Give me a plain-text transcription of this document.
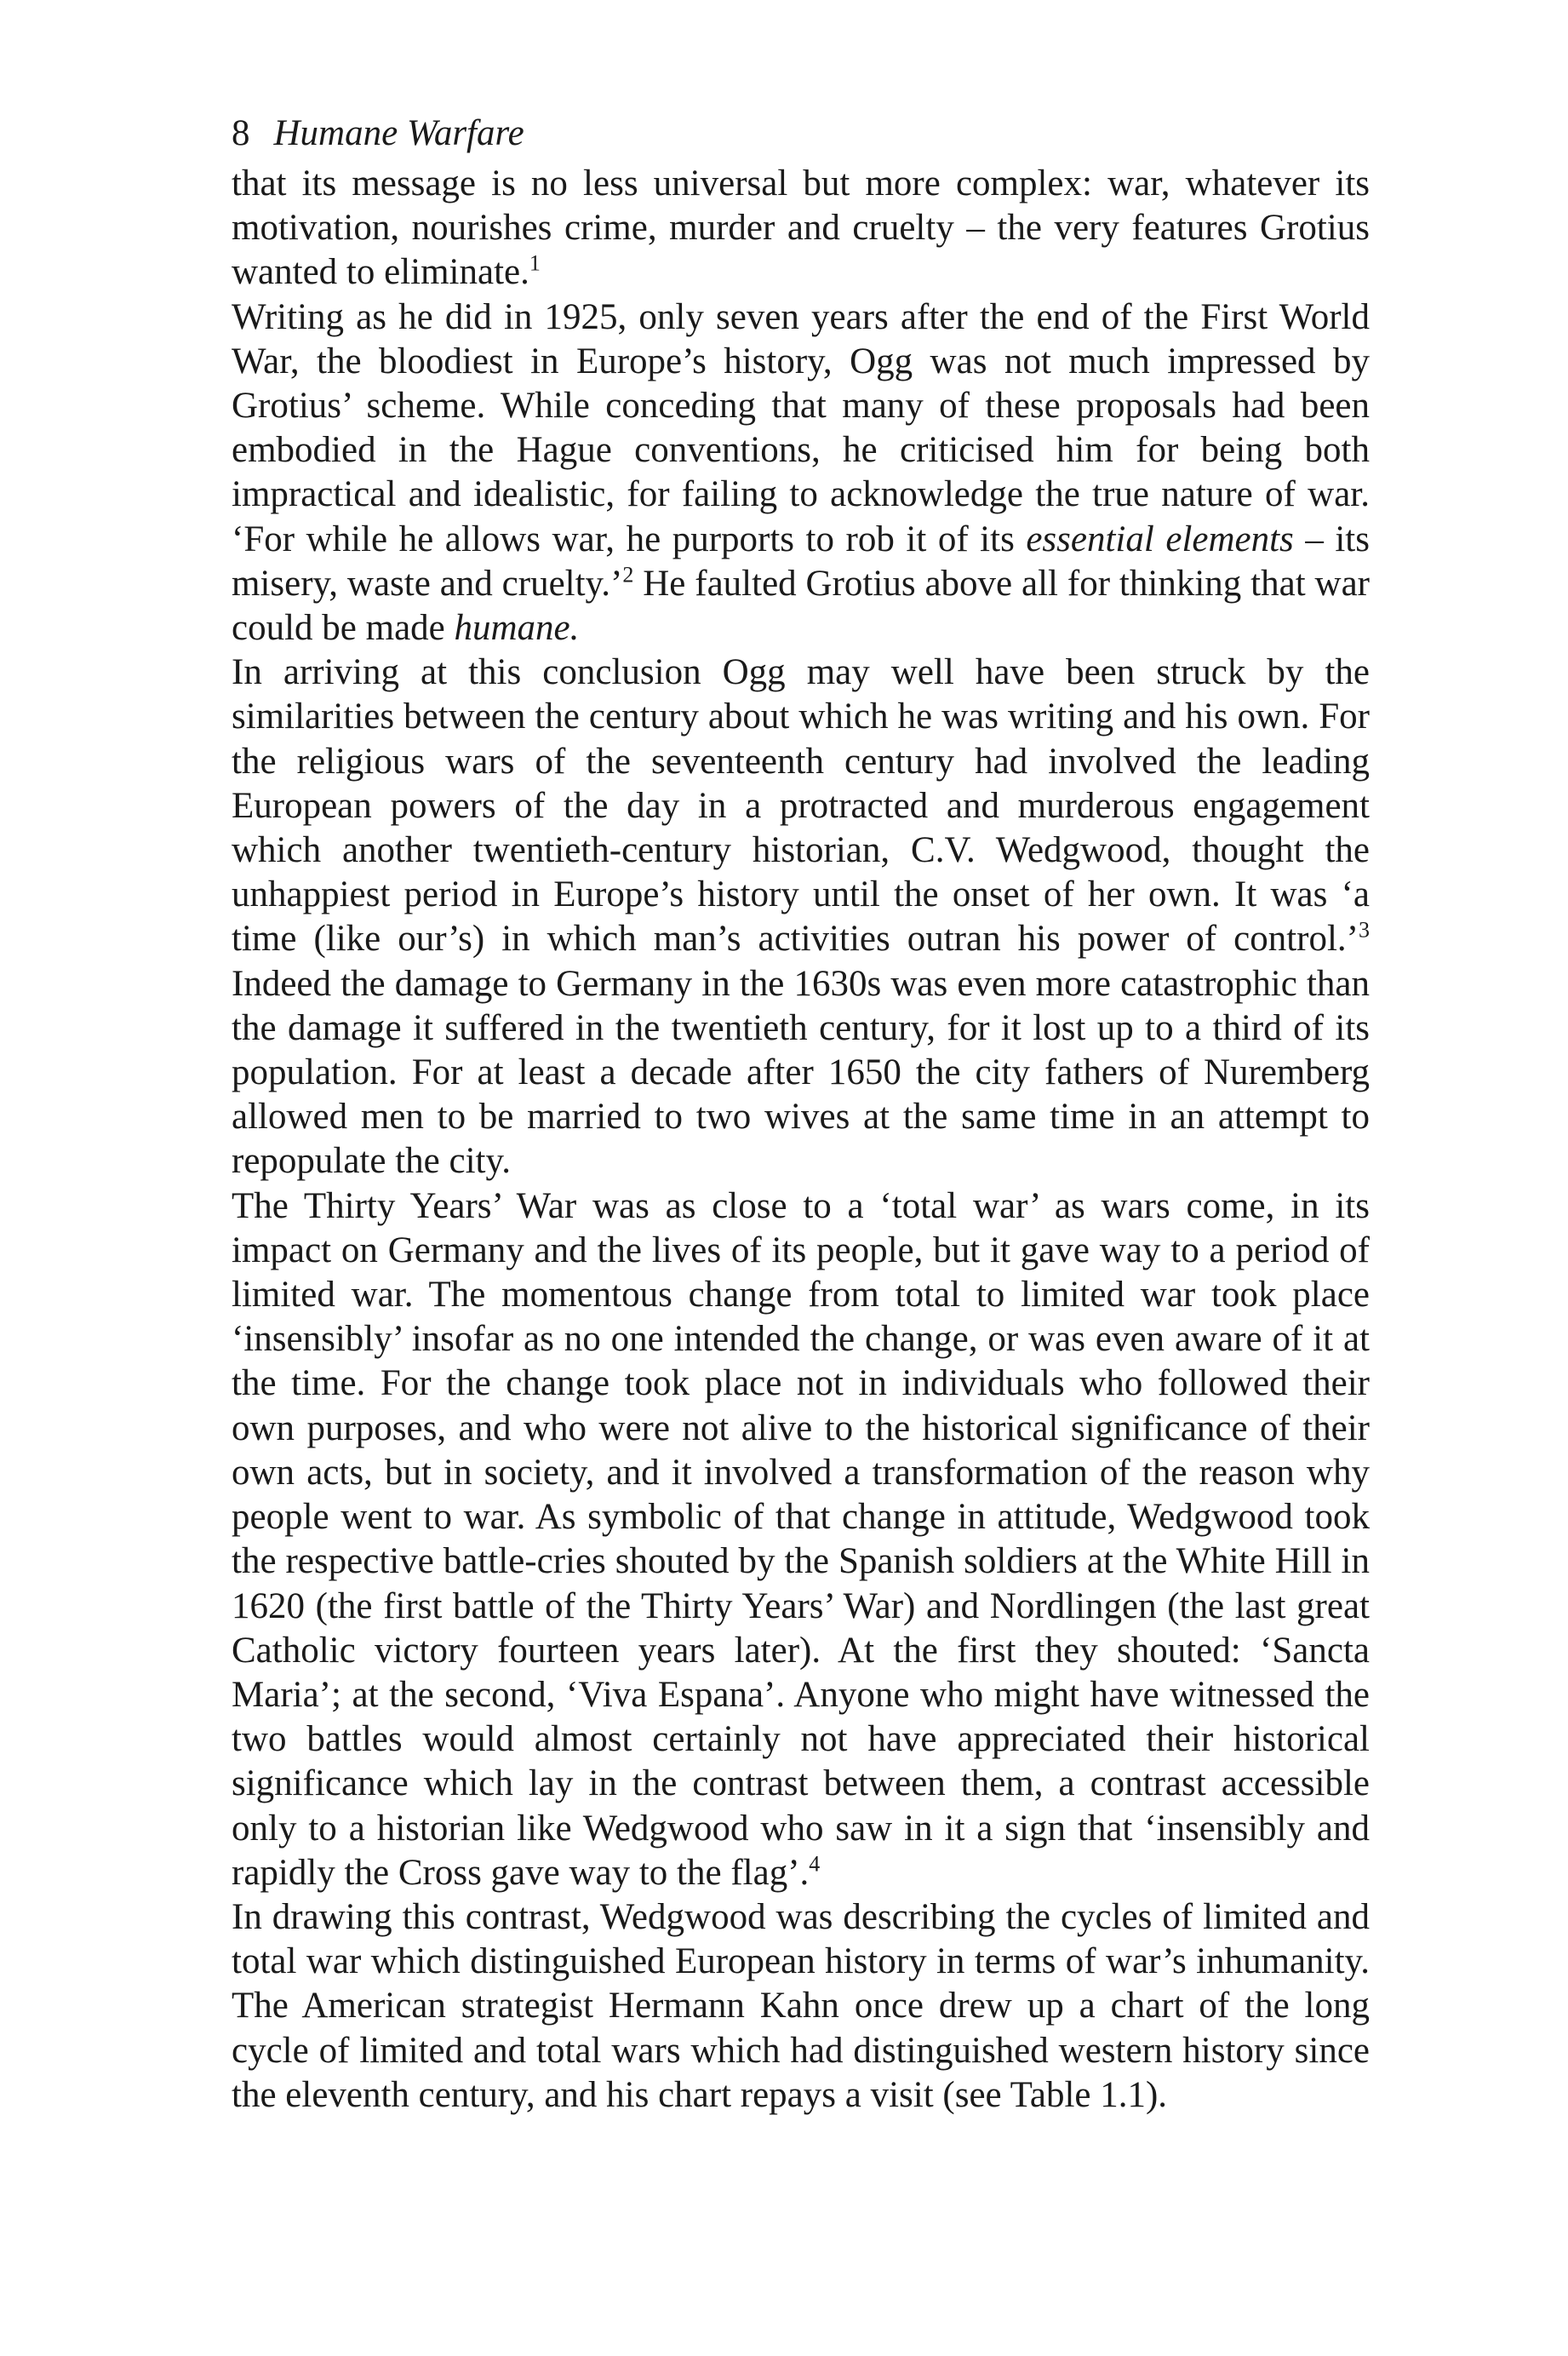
8 Humane Warfare

that its message is no less universal but more complex: war, whatever its motivation, nourishes crime, murder and cruelty – the very features Grotius wanted to eliminate.$^1$

Writing as he did in 1925, only seven years after the end of the First World War, the bloodiest in Europe’s history, Ogg was not much impressed by Grotius’ scheme. While conceding that many of these proposals had been embodied in the Hague conventions, he criticised him for being both impractical and idealistic, for failing to acknowledge the true nature of war. ‘For while he allows war, he purports to rob it of its essential elements – its misery, waste and cruelty.’$^2$ He faulted Grotius above all for thinking that war could be made humane.

In arriving at this conclusion Ogg may well have been struck by the similarities between the century about which he was writing and his own. For the religious wars of the seventeenth century had involved the leading European powers of the day in a protracted and murderous engagement which another twentieth-century historian, C.V. Wedgwood, thought the unhappiest period in Europe’s history until the onset of her own. It was ‘a time (like our’s) in which man’s activities outran his power of control.’$^3$ Indeed the damage to Germany in the 1630s was even more catastrophic than the damage it suffered in the twentieth century, for it lost up to a third of its population. For at least a decade after 1650 the city fathers of Nuremberg allowed men to be married to two wives at the same time in an attempt to repopulate the city.

The Thirty Years’ War was as close to a ‘total war’ as wars come, in its impact on Germany and the lives of its people, but it gave way to a period of limited war. The momentous change from total to limited war took place ‘insensibly’ insofar as no one intended the change, or was even aware of it at the time. For the change took place not in individuals who followed their own purposes, and who were not alive to the historical significance of their own acts, but in society, and it involved a transformation of the reason why people went to war. As symbolic of that change in attitude, Wedgwood took the respective battle-cries shouted by the Spanish soldiers at the White Hill in 1620 (the first battle of the Thirty Years’ War) and Nordlingen (the last great Catholic victory fourteen years later). At the first they shouted: ‘Sancta Maria’; at the second, ‘Viva Espana’. Anyone who might have witnessed the two battles would almost certainly not have appreciated their historical significance which lay in the contrast between them, a contrast accessible only to a historian like Wedgwood who saw in it a sign that ‘insensibly and rapidly the Cross gave way to the flag’.$^4$

In drawing this contrast, Wedgwood was describing the cycles of limited and total war which distinguished European history in terms of war’s inhumanity. The American strategist Hermann Kahn once drew up a chart of the long cycle of limited and total wars which had distinguished western history since the eleventh century, and his chart repays a visit (see Table 1.1).
